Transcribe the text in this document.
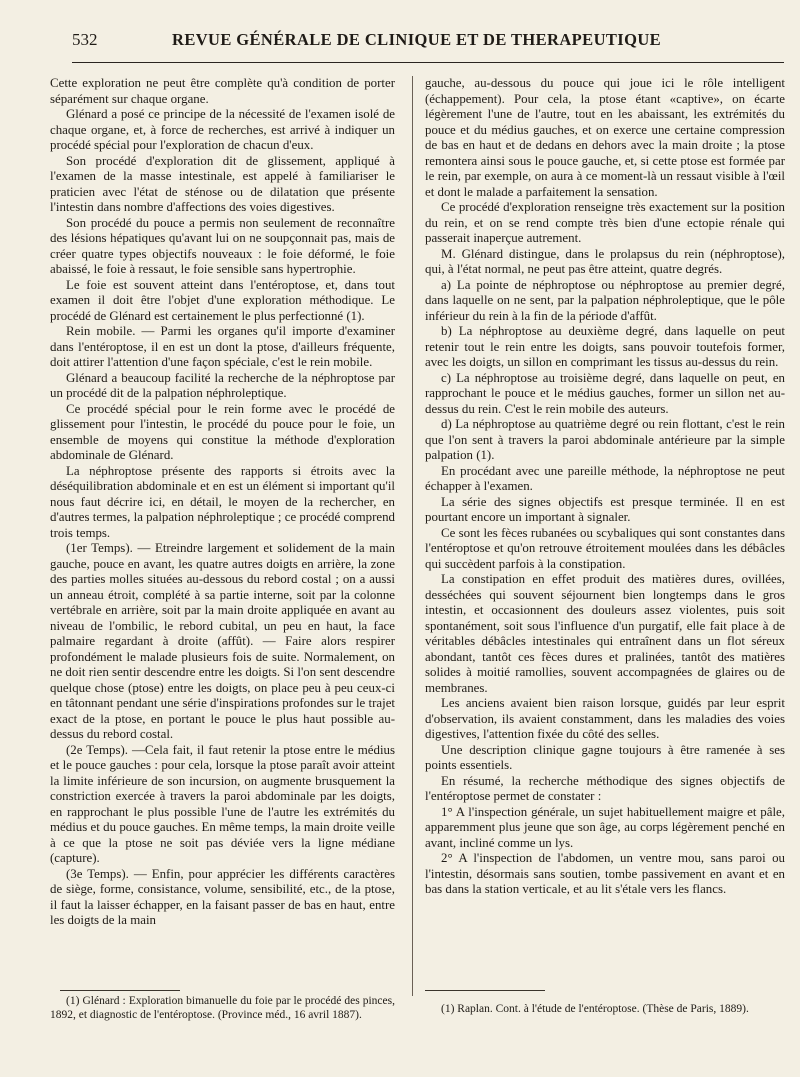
532	REVUE GÉNÉRALE DE CLINIQUE ET DE THERAPEUTIQUE

Cette exploration ne peut être complète qu'à condition de porter séparément sur chaque organe.

Glénard a posé ce principe de la nécessité de l'examen isolé de chaque organe, et, à force de recherches, est arrivé à indiquer un procédé spécial pour l'exploration de chacun d'eux.

Son procédé d'exploration dit de glissement, appliqué à l'examen de la masse intestinale, est appelé à familiariser le praticien avec l'état de sténose ou de dilatation que présente l'intestin dans nombre d'affections des voies digestives.

Son procédé du pouce a permis non seulement de reconnaître des lésions hépatiques qu'avant lui on ne soupçonnait pas, mais de créer quatre types objectifs nouveaux : le foie déformé, le foie abaissé, le foie à ressaut, le foie sensible sans hypertrophie.

Le foie est souvent atteint dans l'entéroptose, et, dans tout examen il doit être l'objet d'une exploration méthodique. Le procédé de Glénard est certainement le plus perfectionné (1).

Rein mobile. — Parmi les organes qu'il importe d'examiner dans l'entéroptose, il en est un dont la ptose, d'ailleurs fréquente, doit attirer l'attention d'une façon spéciale, c'est le rein mobile.

Glénard a beaucoup facilité la recherche de la néphroptose par un procédé dit de la palpation néphroleptique.

Ce procédé spécial pour le rein forme avec le procédé de glissement pour l'intestin, le procédé du pouce pour le foie, un ensemble de moyens qui constitue la méthode d'exploration abdominale de Glénard.

La néphroptose présente des rapports si étroits avec la déséquilibration abdominale et en est un élément si important qu'il nous faut décrire ici, en détail, le moyen de la rechercher, en d'autres termes, la palpation néphroleptique ; ce procédé comprend trois temps.

(1er Temps). — Etreindre largement et solidement de la main gauche, pouce en avant, les quatre autres doigts en arrière, la zone des parties molles situées au-dessous du rebord costal ; on a aussi un anneau étroit, complété à sa partie interne, soit par la colonne vertébrale en arrière, soit par la main droite appliquée en avant au niveau de l'ombilic, le rebord cubital, un peu en haut, la face palmaire regardant à droite (affût). — Faire alors respirer profondément le malade plusieurs fois de suite. Normalement, on ne doit rien sentir descendre entre les doigts. Si l'on sent descendre quelque chose (ptose) entre les doigts, on place peu à peu ceux-ci en tâtonnant pendant une série d'inspirations profondes sur le trajet exact de la ptose, en portant le pouce le plus haut possible au-dessus du rebord costal.

(2e Temps). —Cela fait, il faut retenir la ptose entre le médius et le pouce gauches : pour cela, lorsque la ptose paraît avoir atteint la limite inférieure de son incursion, on augmente brusquement la constriction exercée à travers la paroi abdominale par les doigts, en rapprochant le plus possible l'une de l'autre les extrémités du médius et du pouce gauches. En même temps, la main droite veille à ce que la ptose ne soit pas déviée vers la ligne médiane (capture).

(3e Temps). — Enfin, pour apprécier les différents caractères de siège, forme, consistance, volume, sensibilité, etc., de la ptose, il faut la laisser échapper, en la faisant passer de bas en haut, entre les doigts de la main

gauche, au-dessous du pouce qui joue ici le rôle intelligent (échappement). Pour cela, la ptose étant «captive», on écarte légèrement l'une de l'autre, tout en les abaissant, les extrémités du pouce et du médius gauches, et on exerce une certaine compression de bas en haut et de dedans en dehors avec la main droite ; la ptose remontera ainsi sous le pouce gauche, et, si cette ptose est formée par le rein, par exemple, on aura à ce moment-là un ressaut visible à l'œil et dont le malade a parfaitement la sensation.

Ce procédé d'exploration renseigne très exactement sur la position du rein, et on se rend compte très bien d'une ectopie rénale qui passerait inaperçue autrement.

M. Glénard distingue, dans le prolapsus du rein (néphroptose), qui, à l'état normal, ne peut pas être atteint, quatre degrés.

a) La pointe de néphroptose ou néphroptose au premier degré, dans laquelle on ne sent, par la palpation néphroleptique, que le pôle inférieur du rein à la fin de la période d'affût.

b) La néphroptose au deuxième degré, dans laquelle on peut retenir tout le rein entre les doigts, sans pouvoir toutefois former, avec les doigts, un sillon en comprimant les tissus au-dessus du rein.

c) La néphroptose au troisième degré, dans laquelle on peut, en rapprochant le pouce et le médius gauches, former un sillon net au-dessus du rein. C'est le rein mobile des auteurs.

d) La néphroptose au quatrième degré ou rein flottant, c'est le rein que l'on sent à travers la paroi abdominale antérieure par la simple palpation (1).

En procédant avec une pareille méthode, la néphroptose ne peut échapper à l'examen.

La série des signes objectifs est presque terminée. Il en est pourtant encore un important à signaler.

Ce sont les fèces rubanées ou scybaliques qui sont constantes dans l'entéroptose et qu'on retrouve étroitement moulées dans les débâcles qui succèdent parfois à la constipation.

La constipation en effet produit des matières dures, ovillées, desséchées qui souvent séjournent bien longtemps dans le gros intestin, et occasionnent des douleurs assez violentes, puis soit spontanément, soit sous l'influence d'un purgatif, elle fait place à de véritables débâcles intestinales qui entraînent dans un flot séreux abondant, tantôt ces fèces dures et pralinées, tantôt des matières solides à moitié ramollies, souvent accompagnées de glaires ou de membranes.

Les anciens avaient bien raison lorsque, guidés par leur esprit d'observation, ils avaient constamment, dans les maladies des voies digestives, l'attention fixée du côté des selles.

Une description clinique gagne toujours à être ramenée à ses points essentiels.

En résumé, la recherche méthodique des signes objectifs de l'entéroptose permet de constater :

1° A l'inspection générale, un sujet habituellement maigre et pâle, apparemment plus jeune que son âge, au corps légèrement penché en avant, incliné comme un lys.

2° A l'inspection de l'abdomen, un ventre mou, sans paroi ou l'intestin, désormais sans soutien, tombe passivement en avant et en bas dans la station verticale, et au lit s'étale vers les flancs.

(1) Glénard : Exploration bimanuelle du foie par le procédé des pinces, 1892, et diagnostic de l'entéroptose. (Province méd., 16 avril 1887).	(1) Raplan. Cont. à l'étude de l'entéroptose. (Thèse de Paris, 1889).
